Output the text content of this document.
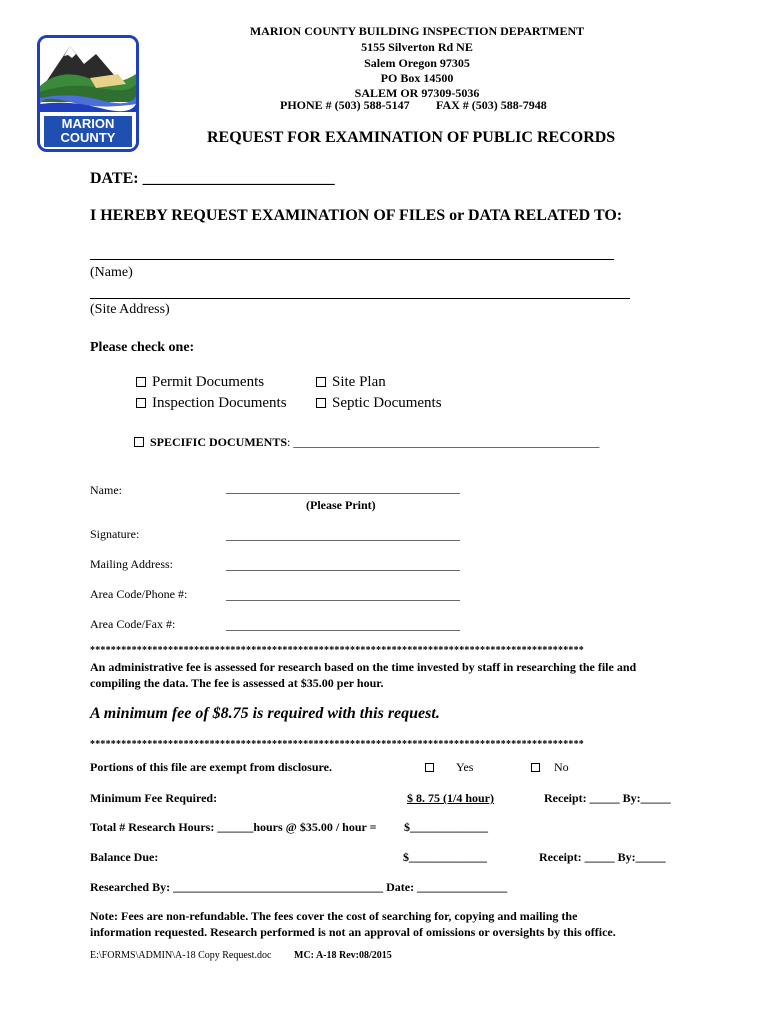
MARION
COUNTY
MARION COUNTY BUILDING INSPECTION DEPARTMENT
5155 Silverton Rd NE
Salem Oregon 97305
PO Box 14500
SALEM OR 97309-5036
PHONE # (503) 588-5147 FAX # (503) 588-7948
REQUEST FOR EXAMINATION OF PUBLIC RECORDS
DATE: ________________________
I HEREBY REQUEST EXAMINATION OF FILES or DATA RELATED TO:
(Name)
(Site Address)
Please check one:
Permit Documents	Site Plan
Inspection Documents	Septic Documents
SPECIFIC DOCUMENTS: ___________________________________________________
Name:	_______________________________________
(Please Print)
Signature:	_______________________________________
Mailing Address:	_______________________________________
Area Code/Phone #:	_______________________________________
Area Code/Fax #:	_______________________________________
***********************************************************************************************
An administrative fee is assessed for research based on the time invested by staff in researching the file and
compiling the data. The fee is assessed at $35.00 per hour.
A minimum fee of $8.75 is required with this request.
***********************************************************************************************
Portions of this file are exempt from disclosure.	Yes	No
Minimum Fee Required:	$ 8. 75 (1/4 hour)	Receipt: _____ By:_____
Total # Research Hours: ______hours @ $35.00 / hour = $_____________
Balance Due:	$_____________	Receipt: _____ By:_____
Researched By: ___________________________________ Date: _______________
Note: Fees are non-refundable. The fees cover the cost of searching for, copying and mailing the
information requested. Research performed is not an approval of omissions or oversights by this office.
E:\FORMS\ADMIN\A-18 Copy Request.doc MC: A-18 Rev:08/2015
